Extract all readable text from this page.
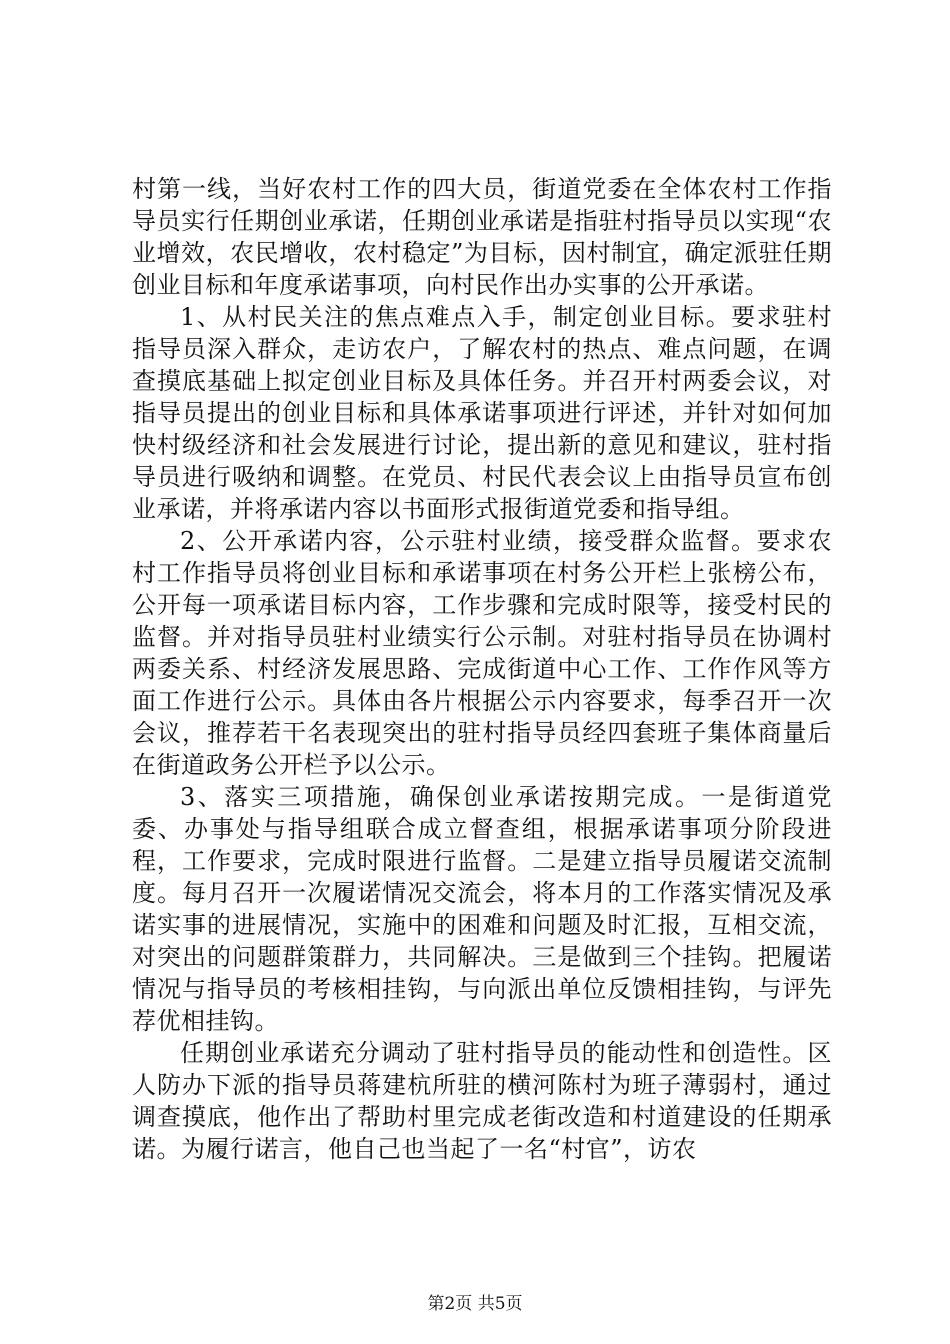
村第一线，当好农村工作的四大员，街道党委在全体农村工作指导员实行任期创业承诺，任期创业承诺是指驻村指导员以实现“农业增效，农民增收，农村稳定”为目标，因村制宜，确定派驻任期创业目标和年度承诺事项，向村民作出办实事的公开承诺。

1、从村民关注的焦点难点入手，制定创业目标。要求驻村指导员深入群众，走访农户，了解农村的热点、难点问题，在调查摸底基础上拟定创业目标及具体任务。并召开村两委会议，对指导员提出的创业目标和具体承诺事项进行评述，并针对如何加快村级经济和社会发展进行讨论，提出新的意见和建议，驻村指导员进行吸纳和调整。在党员、村民代表会议上由指导员宣布创业承诺，并将承诺内容以书面形式报街道党委和指导组。

2、公开承诺内容，公示驻村业绩，接受群众监督。要求农村工作指导员将创业目标和承诺事项在村务公开栏上张榜公布，公开每一项承诺目标内容，工作步骤和完成时限等，接受村民的监督。并对指导员驻村业绩实行公示制。对驻村指导员在协调村两委关系、村经济发展思路、完成街道中心工作、工作作风等方面工作进行公示。具体由各片根据公示内容要求，每季召开一次会议，推荐若干名表现突出的驻村指导员经四套班子集体商量后在街道政务公开栏予以公示。

3、落实三项措施，确保创业承诺按期完成。一是街道党委、办事处与指导组联合成立督查组，根据承诺事项分阶段进程，工作要求，完成时限进行监督。二是建立指导员履诺交流制度。每月召开一次履诺情况交流会，将本月的工作落实情况及承诺实事的进展情况，实施中的困难和问题及时汇报，互相交流，对突出的问题群策群力，共同解决。三是做到三个挂钩。把履诺情况与指导员的考核相挂钩，与向派出单位反馈相挂钩，与评先荐优相挂钩。

任期创业承诺充分调动了驻村指导员的能动性和创造性。区人防办下派的指导员蒋建杭所驻的横河陈村为班子薄弱村，通过调查摸底，他作出了帮助村里完成老街改造和村道建设的任期承诺。为履行诺言，他自己也当起了一名“村官”，访农

第2页 共5页
